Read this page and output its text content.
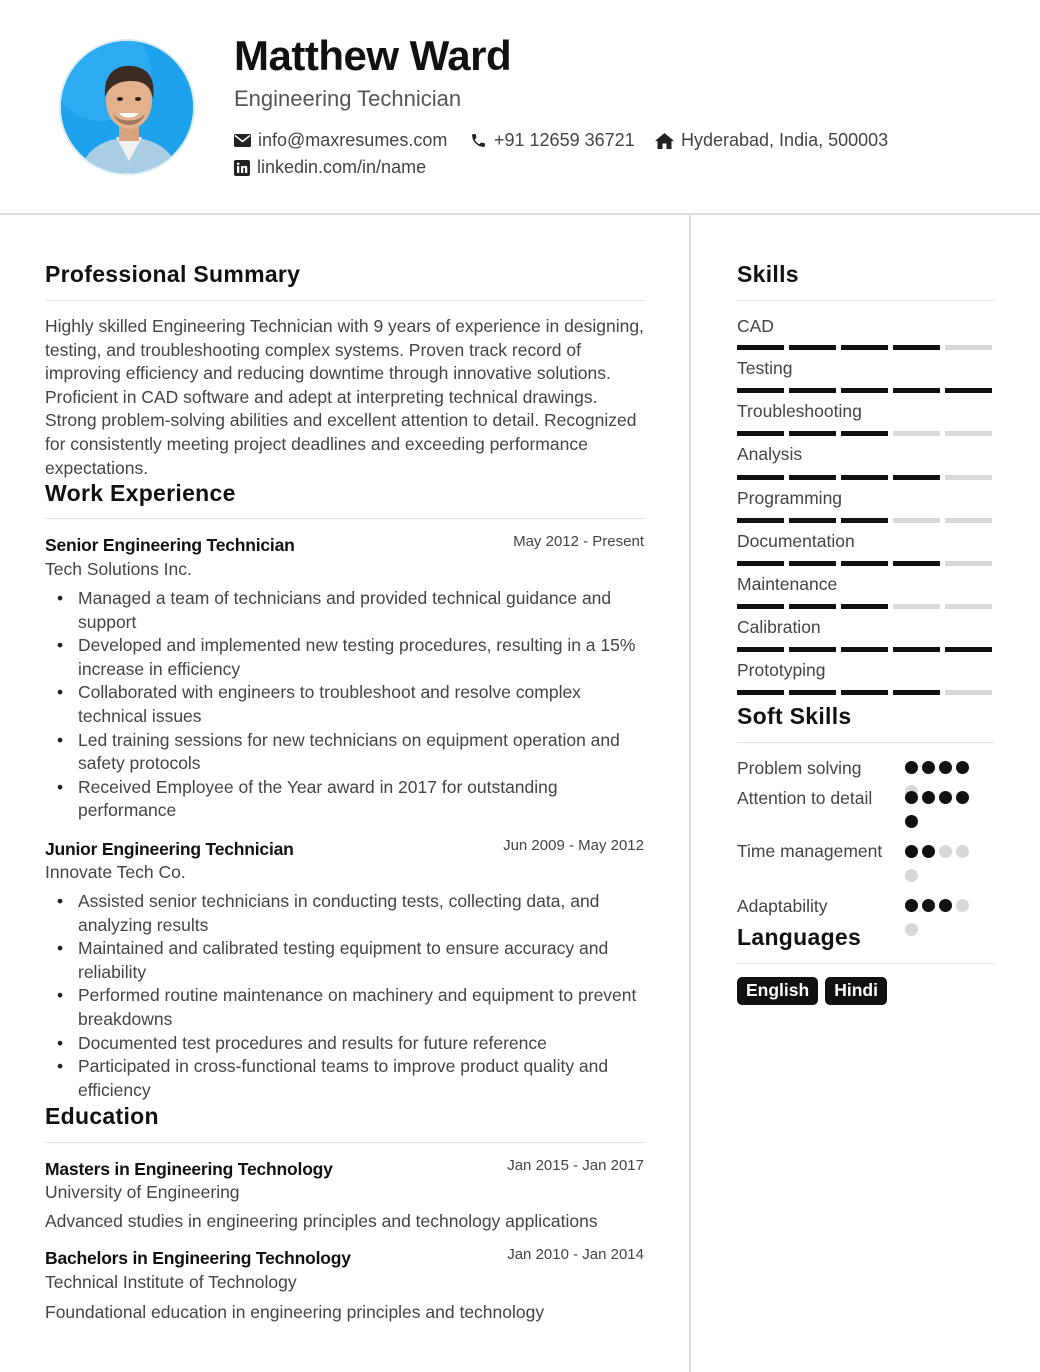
Matthew Ward
Engineering Technician
info@maxresumes.com	+91 12659 36721	Hyderabad, India, 500003
linkedin.com/in/name
Professional Summary
Highly skilled Engineering Technician with 9 years of experience in designing, testing, and troubleshooting complex systems. Proven track record of improving efficiency and reducing downtime through innovative solutions. Proficient in CAD software and adept at interpreting technical drawings. Strong problem-solving abilities and excellent attention to detail. Recognized for consistently meeting project deadlines and exceeding performance expectations.
Work Experience
Senior Engineering Technician	May 2012 - Present
Tech Solutions Inc.
• Managed a team of technicians and provided technical guidance and support
• Developed and implemented new testing procedures, resulting in a 15% increase in efficiency
• Collaborated with engineers to troubleshoot and resolve complex technical issues
• Led training sessions for new technicians on equipment operation and safety protocols
• Received Employee of the Year award in 2017 for outstanding performance
Junior Engineering Technician	Jun 2009 - May 2012
Innovate Tech Co.
• Assisted senior technicians in conducting tests, collecting data, and analyzing results
• Maintained and calibrated testing equipment to ensure accuracy and reliability
• Performed routine maintenance on machinery and equipment to prevent breakdowns
• Documented test procedures and results for future reference
• Participated in cross-functional teams to improve product quality and efficiency
Education
Masters in Engineering Technology	Jan 2015 - Jan 2017
University of Engineering
Advanced studies in engineering principles and technology applications
Bachelors in Engineering Technology	Jan 2010 - Jan 2014
Technical Institute of Technology
Foundational education in engineering principles and technology
Skills
CAD
Testing
Troubleshooting
Analysis
Programming
Documentation
Maintenance
Calibration
Prototyping
Soft Skills
Problem solving
Attention to detail
Time management
Adaptability
Languages
English	Hindi
